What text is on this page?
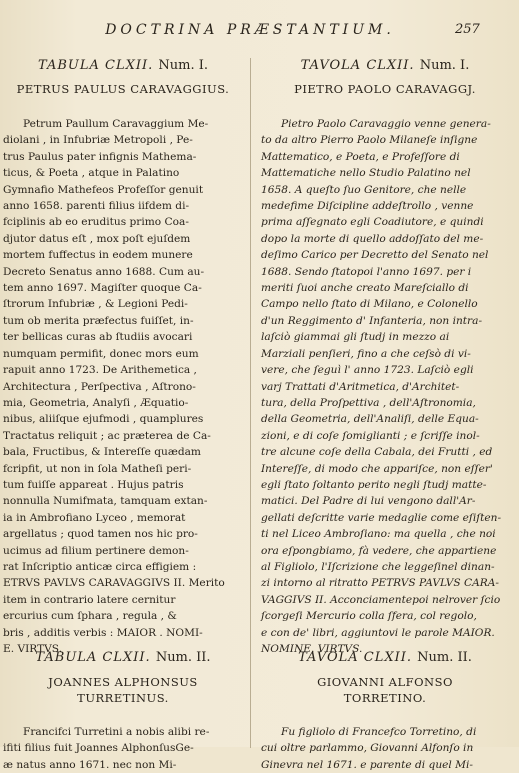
DOCTRINA PRÆSTANTIUM.	257
TABULA CLXII. Num. I.
PETRUS PAULUS CARAVAGGIUS.
Petrum Paullum Caravaggium Me-
diolani , in Infubriæ Metropoli , Pe-
trus Paulus pater infignis Mathema-
ticus, & Poeta , atque in Palatino
Gymnafio Mathefeos Profeſſor genuit
anno 1658. parenti filius iifdem di-
fciplinis ab eo eruditus primo Coa-
djutor datus eſt , mox poſt ejuſdem
mortem fuffectus in eodem munere
Decreto Senatus anno 1688. Cum au-
tem anno 1697. Magiſter quoque Ca-
ſtrorum Infubriæ , & Legioni Pedi-
tum ob merita præfectus fuiſſet, in-
ter bellicas curas ab ſtudiis avocari
numquam permifit, donec mors eum
rapuit anno 1723. De Arithemetica ,
Architectura , Perſpectiva , Aſtrono-
mia, Geometria, Analyſi , Æquatio-
nibus, aliiſque ejufmodi , quamplures
Tractatus reliquit ; ac præterea de Ca-
bala, Fructibus, & Intereſſe quædam
fcripfit, ut non in ſola Matheſi peri-
tum fuiſſe appareat . Hujus patris
nonnulla Numifmata, tamquam extan-
ia in Ambrofiano Lyceo , memorat
argellatus ; quod tamen nos hic pro-
ucimus ad filium pertinere demon-
rat Inſcriptio anticæ circa effigiem :
ETRVS PAVLVS CARAVAGGIVS II. Merito
item in contrario latere cernitur
ercurius cum ſphara , regula , &
bris , additis verbis : MAIOR . NOMI-
E. VIRTVS.
TAVOLA CLXII. Num. I.
PIETRO PAOLO CARAVAGGJ.
Pietro Paolo Caravaggio venne genera-
to da altro Pierro Paolo Milaneſe inſigne
Mattematico, e Poeta, e Profeſſore di
Mattematiche nello Studio Palatino nel
1658. A queſto ſuo Genitore, che nelle
medefime Diſcipline addeſtrollo , venne
prima aſſegnato egli Coadiutore, e quindi
dopo la morte di quello addoſſato del me-
deſimo Carico per Decretto del Senato nel
1688. Sendo ſtatopoi l'anno 1697. per i
meriti ſuoi anche creato Mareſciallo di
Campo nello ſtato di Milano, e Colonello
d'un Reggimento d' Infanteria, non intra-
laſciò giammai gli ſtudj in mezzo ai
Marziali penſieri, fino a che ceſsò di vi-
vere, che ſeguì l' anno 1723. Laſciò egli
varj Trattati d'Aritmetica, d'Architet-
tura, della Proſpettiva , dell'Aſtronomia,
della Geometria, dell'Analiſi, delle Equa-
zioni, e di coſe ſomiglianti ; e ſcriſſe inol-
tre alcune coſe della Cabala, dei Frutti , ed
Intereſſe, di modo che appariſce, non eſſer'
egli ſtato ſoltanto perito negli ſtudj matte-
matici. Del Padre di lui vengono dall'Ar-
gellati deſcritte varie medaglie come eſiſten-
ti nel Liceo Ambroſiano: ma quella , che noi
ora eſpongbiamo, fà vedere, che appartiene
al Figliolo, l'Iſcrizione che leggeſinel dinan-
zi intorno al ritratto PETRVS PAVLVS CARA-
VAGGIVS II. Acconciamentepoi nelrover ſcio
ſcorgeſi Mercurio colla ſfera, col regolo,
e con de' libri, aggiuntovi le parole MAIOR.
NOMINE. VIRTVS.
TABULA CLXII. Num. II.
JOANNES ALPHONSUS
TURRETINUS.
Francifci Turretini a nobis alibi re-
ifiti filius fuit Joannes AlphonſusGe-
æ natus anno 1671. nec non Mi-
TAVOLA CLXII. Num. II.
GIOVANNI ALFONSO
TORRETINO.
Fu figliolo di Francefco Torretino, di
cui oltre parlammo, Giovanni Alfonſo in
Ginevra nel 1671. e parente di quel Mi-
